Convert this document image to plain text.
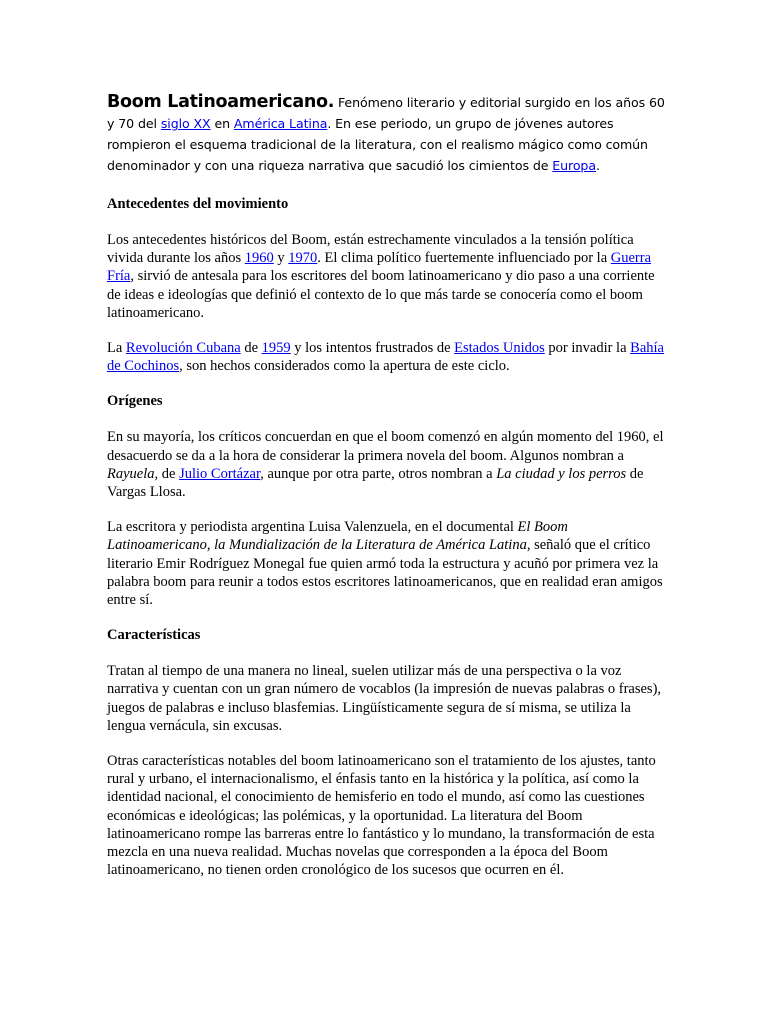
Boom Latinoamericano. Fenómeno literario y editorial surgido en los años 60 y 70 del siglo XX en América Latina. En ese periodo, un grupo de jóvenes autores rompieron el esquema tradicional de la literatura, con el realismo mágico como común denominador y con una riqueza narrativa que sacudió los cimientos de Europa.

Antecedentes del movimiento

Los antecedentes históricos del Boom, están estrechamente vinculados a la tensión política vivida durante los años 1960 y 1970. El clima político fuertemente influenciado por la Guerra Fría, sirvió de antesala para los escritores del boom latinoamericano y dio paso a una corriente de ideas e ideologías que definió el contexto de lo que más tarde se conocería como el boom latinoamericano.

La Revolución Cubana de 1959 y los intentos frustrados de Estados Unidos por invadir la Bahía de Cochinos, son hechos considerados como la apertura de este ciclo.

Orígenes

En su mayoría, los críticos concuerdan en que el boom comenzó en algún momento del 1960, el desacuerdo se da a la hora de considerar la primera novela del boom. Algunos nombran a Rayuela, de Julio Cortázar, aunque por otra parte, otros nombran a La ciudad y los perros de Vargas Llosa.

La escritora y periodista argentina Luisa Valenzuela, en el documental El Boom Latinoamericano, la Mundialización de la Literatura de América Latina, señaló que el crítico literario Emir Rodríguez Monegal fue quien armó toda la estructura y acuñó por primera vez la palabra boom para reunir a todos estos escritores latinoamericanos, que en realidad eran amigos entre sí.

Características

Tratan al tiempo de una manera no lineal, suelen utilizar más de una perspectiva o la voz narrativa y cuentan con un gran número de vocablos (la impresión de nuevas palabras o frases), juegos de palabras e incluso blasfemias. Lingüísticamente segura de sí misma, se utiliza la lengua vernácula, sin excusas.

Otras características notables del boom latinoamericano son el tratamiento de los ajustes, tanto rural y urbano, el internacionalismo, el énfasis tanto en la histórica y la política, así como la identidad nacional, el conocimiento de hemisferio en todo el mundo, así como las cuestiones económicas e ideológicas; las polémicas, y la oportunidad. La literatura del Boom latinoamericano rompe las barreras entre lo fantástico y lo mundano, la transformación de esta mezcla en una nueva realidad. Muchas novelas que corresponden a la época del Boom latinoamericano, no tienen orden cronológico de los sucesos que ocurren en él.
